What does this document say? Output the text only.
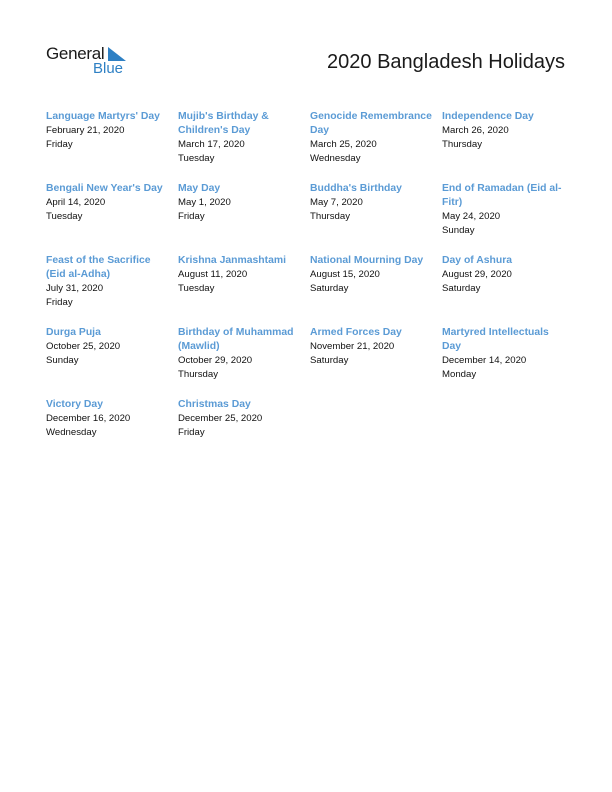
General
Blue	2020 Bangladesh Holidays
Language Martyrs' Day
February 21, 2020
Friday
Mujib's Birthday & Children's Day
March 17, 2020
Tuesday
Genocide Remembrance Day
March 25, 2020
Wednesday
Independence Day
March 26, 2020
Thursday
Bengali New Year's Day
April 14, 2020
Tuesday
May Day
May 1, 2020
Friday
Buddha's Birthday
May 7, 2020
Thursday
End of Ramadan (Eid al-Fitr)
May 24, 2020
Sunday
Feast of the Sacrifice (Eid al-Adha)
July 31, 2020
Friday
Krishna Janmashtami
August 11, 2020
Tuesday
National Mourning Day
August 15, 2020
Saturday
Day of Ashura
August 29, 2020
Saturday
Durga Puja
October 25, 2020
Sunday
Birthday of Muhammad (Mawlid)
October 29, 2020
Thursday
Armed Forces Day
November 21, 2020
Saturday
Martyred Intellectuals Day
December 14, 2020
Monday
Victory Day
December 16, 2020
Wednesday
Christmas Day
December 25, 2020
Friday
